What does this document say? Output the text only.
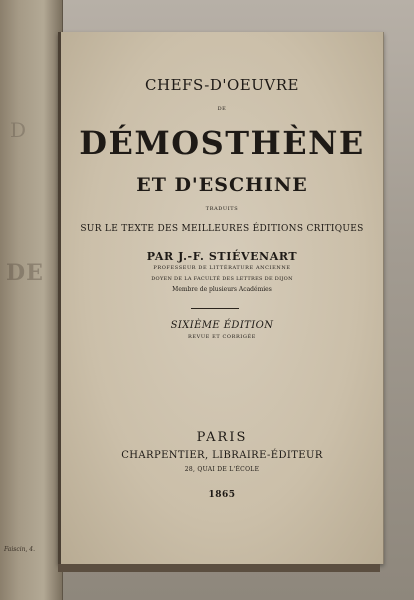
D
DE
Faiscin, 4.
CHEFS-D'OEUVRE
DE
DÉMOSTHÈNE
ET D'ESCHINE
TRADUITS
SUR LE TEXTE DES MEILLEURES ÉDITIONS CRITIQUES
PAR J.-F. STIÉVENART
PROFESSEUR DE LITTÉRATURE ANCIENNE
DOYEN DE LA FACULTÉ DES LETTRES DE DIJON
Membre de plusieurs Académies
SIXIÈME ÉDITION
REVUE ET CORRIGÉE
PARIS
CHARPENTIER, LIBRAIRE-ÉDITEUR
28, QUAI DE L'ÉCOLE
1865
